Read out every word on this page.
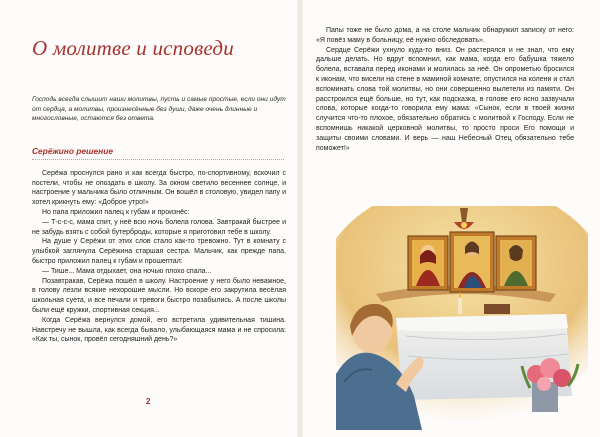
О молитве и исповеди

Господь всегда слышит наши молитвы, пусть и самые простые, если они идут от сердца, а молитвы, произнесённые без души, даже очень длинные и многословные, остаются без ответа.

Серёжино решение

Серёжа проснулся рано и как всегда быстро, по-спортивному, вскочил с постели, чтобы не опоздать в школу. За окном светило весеннее солнце, и настроение у мальчика было отличным. Он вошёл в столовую, увидел папу и хотел крикнуть ему: «Доброе утро!»

Но папа приложил палец к губам и произнёс:

— Т-с-с-с, мама спит, у неё всю ночь болела голова. Завтракай быстрее и не забудь взять с собой бутерброды, которые я приготовил тебе в школу.

На душе у Серёжи от этих слов стало как-то тревожно. Тут в комнату с улыбкой заглянула Серёжина старшая сестра. Мальчик, как прежде папа, быстро приложил палец к губам и прошептал:

— Тише... Мама отдыхает, она ночью плохо спала...

Позавтракав, Серёжа пошёл в школу. Настроение у него было неважное, в голову лезли всякие нехорошие мысли. Но вскоре его закрутила весёлая школьная суета, и все печали и тревоги быстро позабылись. А после школы были ещё кружки, спортивная секция...

Когда Серёжа вернулся домой, его встретила удивительная тишина. Навстречу не вышла, как всегда бывало, улыбающаяся мама и не спросила: «Как ты, сынок, провёл сегодняшний день?»

2

Папы тоже не было дома, а на столе мальчик обнаружил записку от него: «Я повёз маму в больницу, её нужно обследовать».

Сердце Серёжи ухнуло куда-то вниз. Он растерялся и не знал, что ему дальше делать. Но вдруг вспомнил, как мама, когда его бабушка тяжело болела, вставала перед иконами и молилась за неё. Он опрометью бросился к иконам, что висели на стене в маминой комнате, опустился на колени и стал вспоминать слова той молитвы, но они совершенно вылетели из памяти. Он расстроился ещё больше, но тут, как подсказка, в голове его ясно зазвучали слова, которые когда-то говорила ему мама: «Сынок, если в твоей жизни случится что-то плохое, обязательно обратись с молитвой к Господу. Если не вспомнишь никакой церковной молитвы, то просто проси Его помощи и защиты своими словами. И верь — наш Небесный Отец обязательно тебе поможет!»
